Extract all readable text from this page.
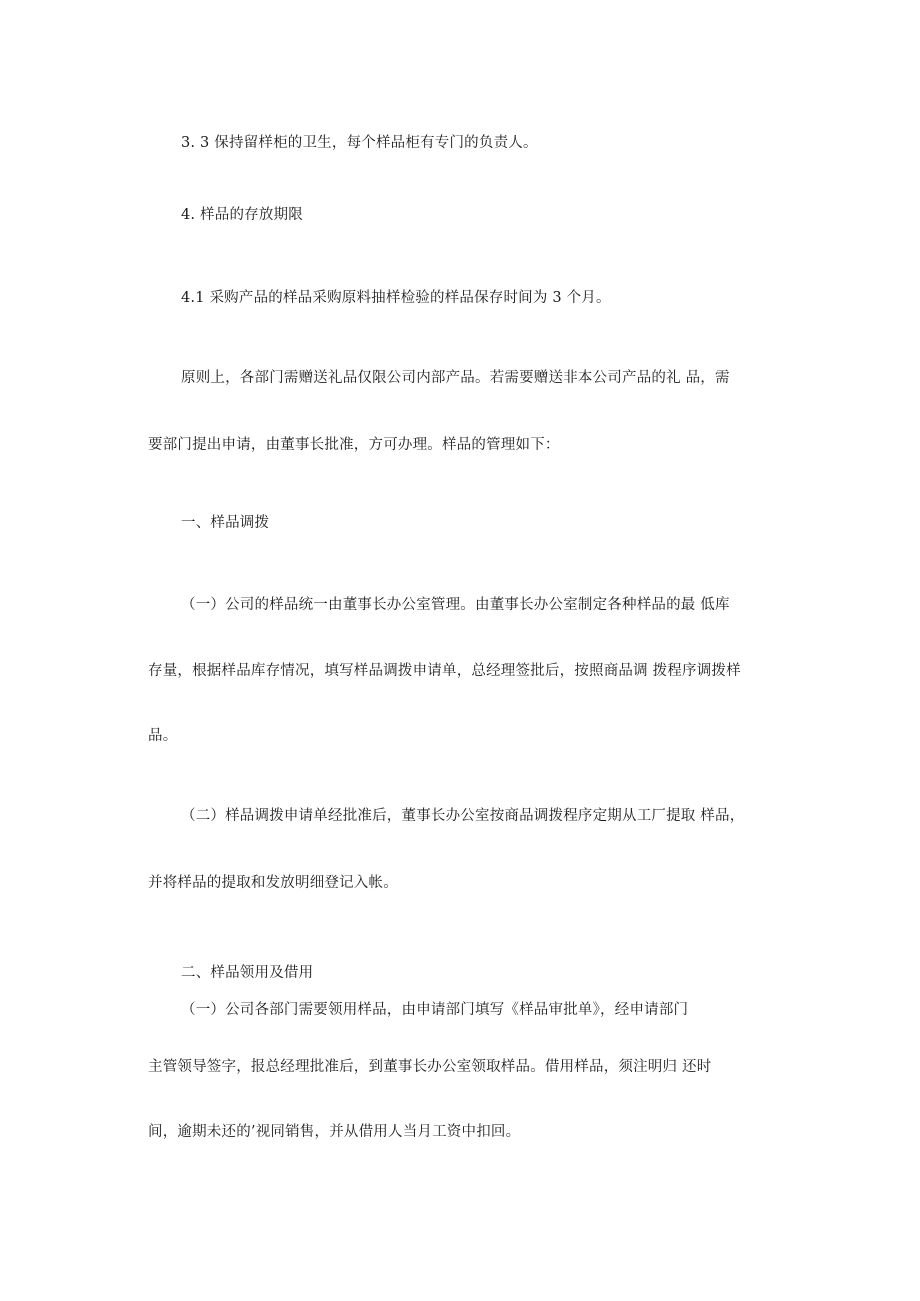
3. 3 保持留样柜的卫生，每个样品柜有专门的负责人。
4. 样品的存放期限
4.1 采购产品的样品采购原料抽样检验的样品保存时间为 3 个月。
原则上，各部门需赠送礼品仅限公司内部产品。若需要赠送非本公司产品的礼 品，需
要部门提出申请，由董事长批准，方可办理。样品的管理如下：
一、样品调拨
（一）公司的样品统一由董事长办公室管理。由董事长办公室制定各种样品的最 低库
存量，根据样品库存情况，填写样品调拨申请单，总经理签批后，按照商品调 拨程序调拨样
品。
（二）样品调拨申请单经批准后，董事长办公室按商品调拨程序定期从工厂提取 样品，
并将样品的提取和发放明细登记入帐。
二、样品领用及借用
（一）公司各部门需要领用样品，由申请部门填写《样品审批单》，经申请部门
主管领导签字，报总经理批准后，到董事长办公室领取样品。借用样品，须注明归 还时
间，逾期未还的’视同销售，并从借用人当月工资中扣回。
